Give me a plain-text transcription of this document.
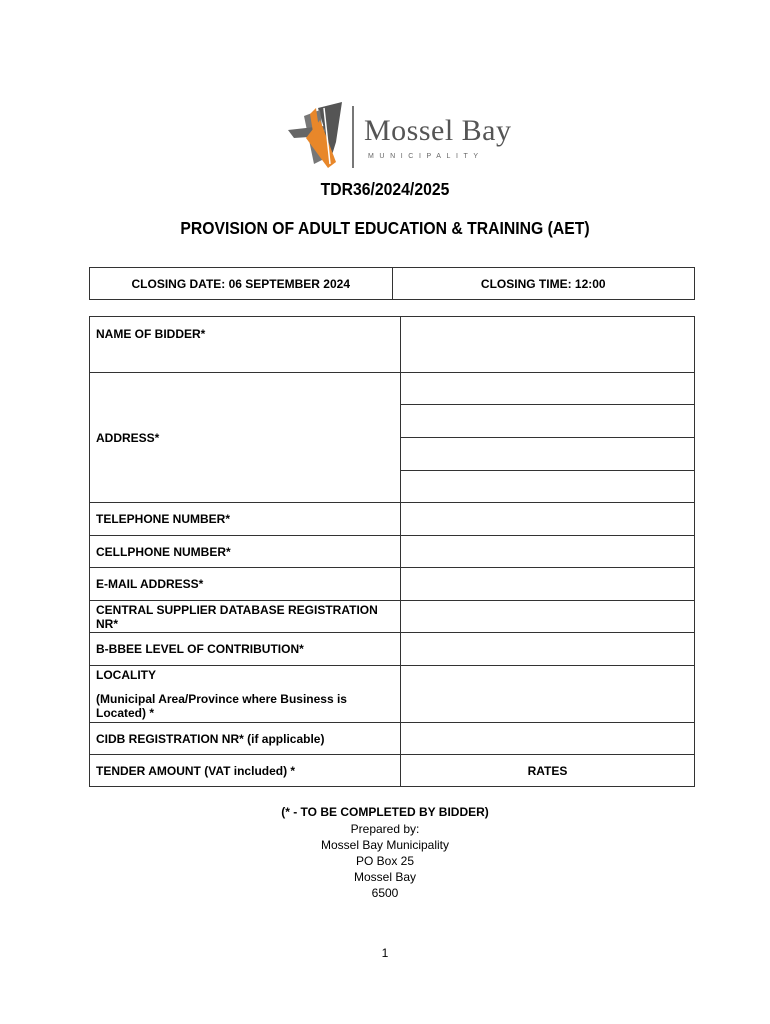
Mossel Bay
MUNICIPALITY
TDR36/2024/2025
PROVISION OF ADULT EDUCATION & TRAINING (AET)
CLOSING DATE: 06 SEPTEMBER 2024	CLOSING TIME: 12:00
NAME OF BIDDER*	
ADDRESS*	

TELEPHONE NUMBER*	
CELLPHONE NUMBER*	
E-MAIL ADDRESS*	
CENTRAL SUPPLIER DATABASE REGISTRATION NR*	
B-BBEE LEVEL OF CONTRIBUTION*	

LOCALITY
(Municipal Area/Province where Business is Located) *	

CIDB REGISTRATION NR* (if applicable)	
TENDER AMOUNT (VAT included) *	RATES
(* - TO BE COMPLETED BY BIDDER)
Prepared by:
Mossel Bay Municipality
PO Box 25
Mossel Bay
6500
1
